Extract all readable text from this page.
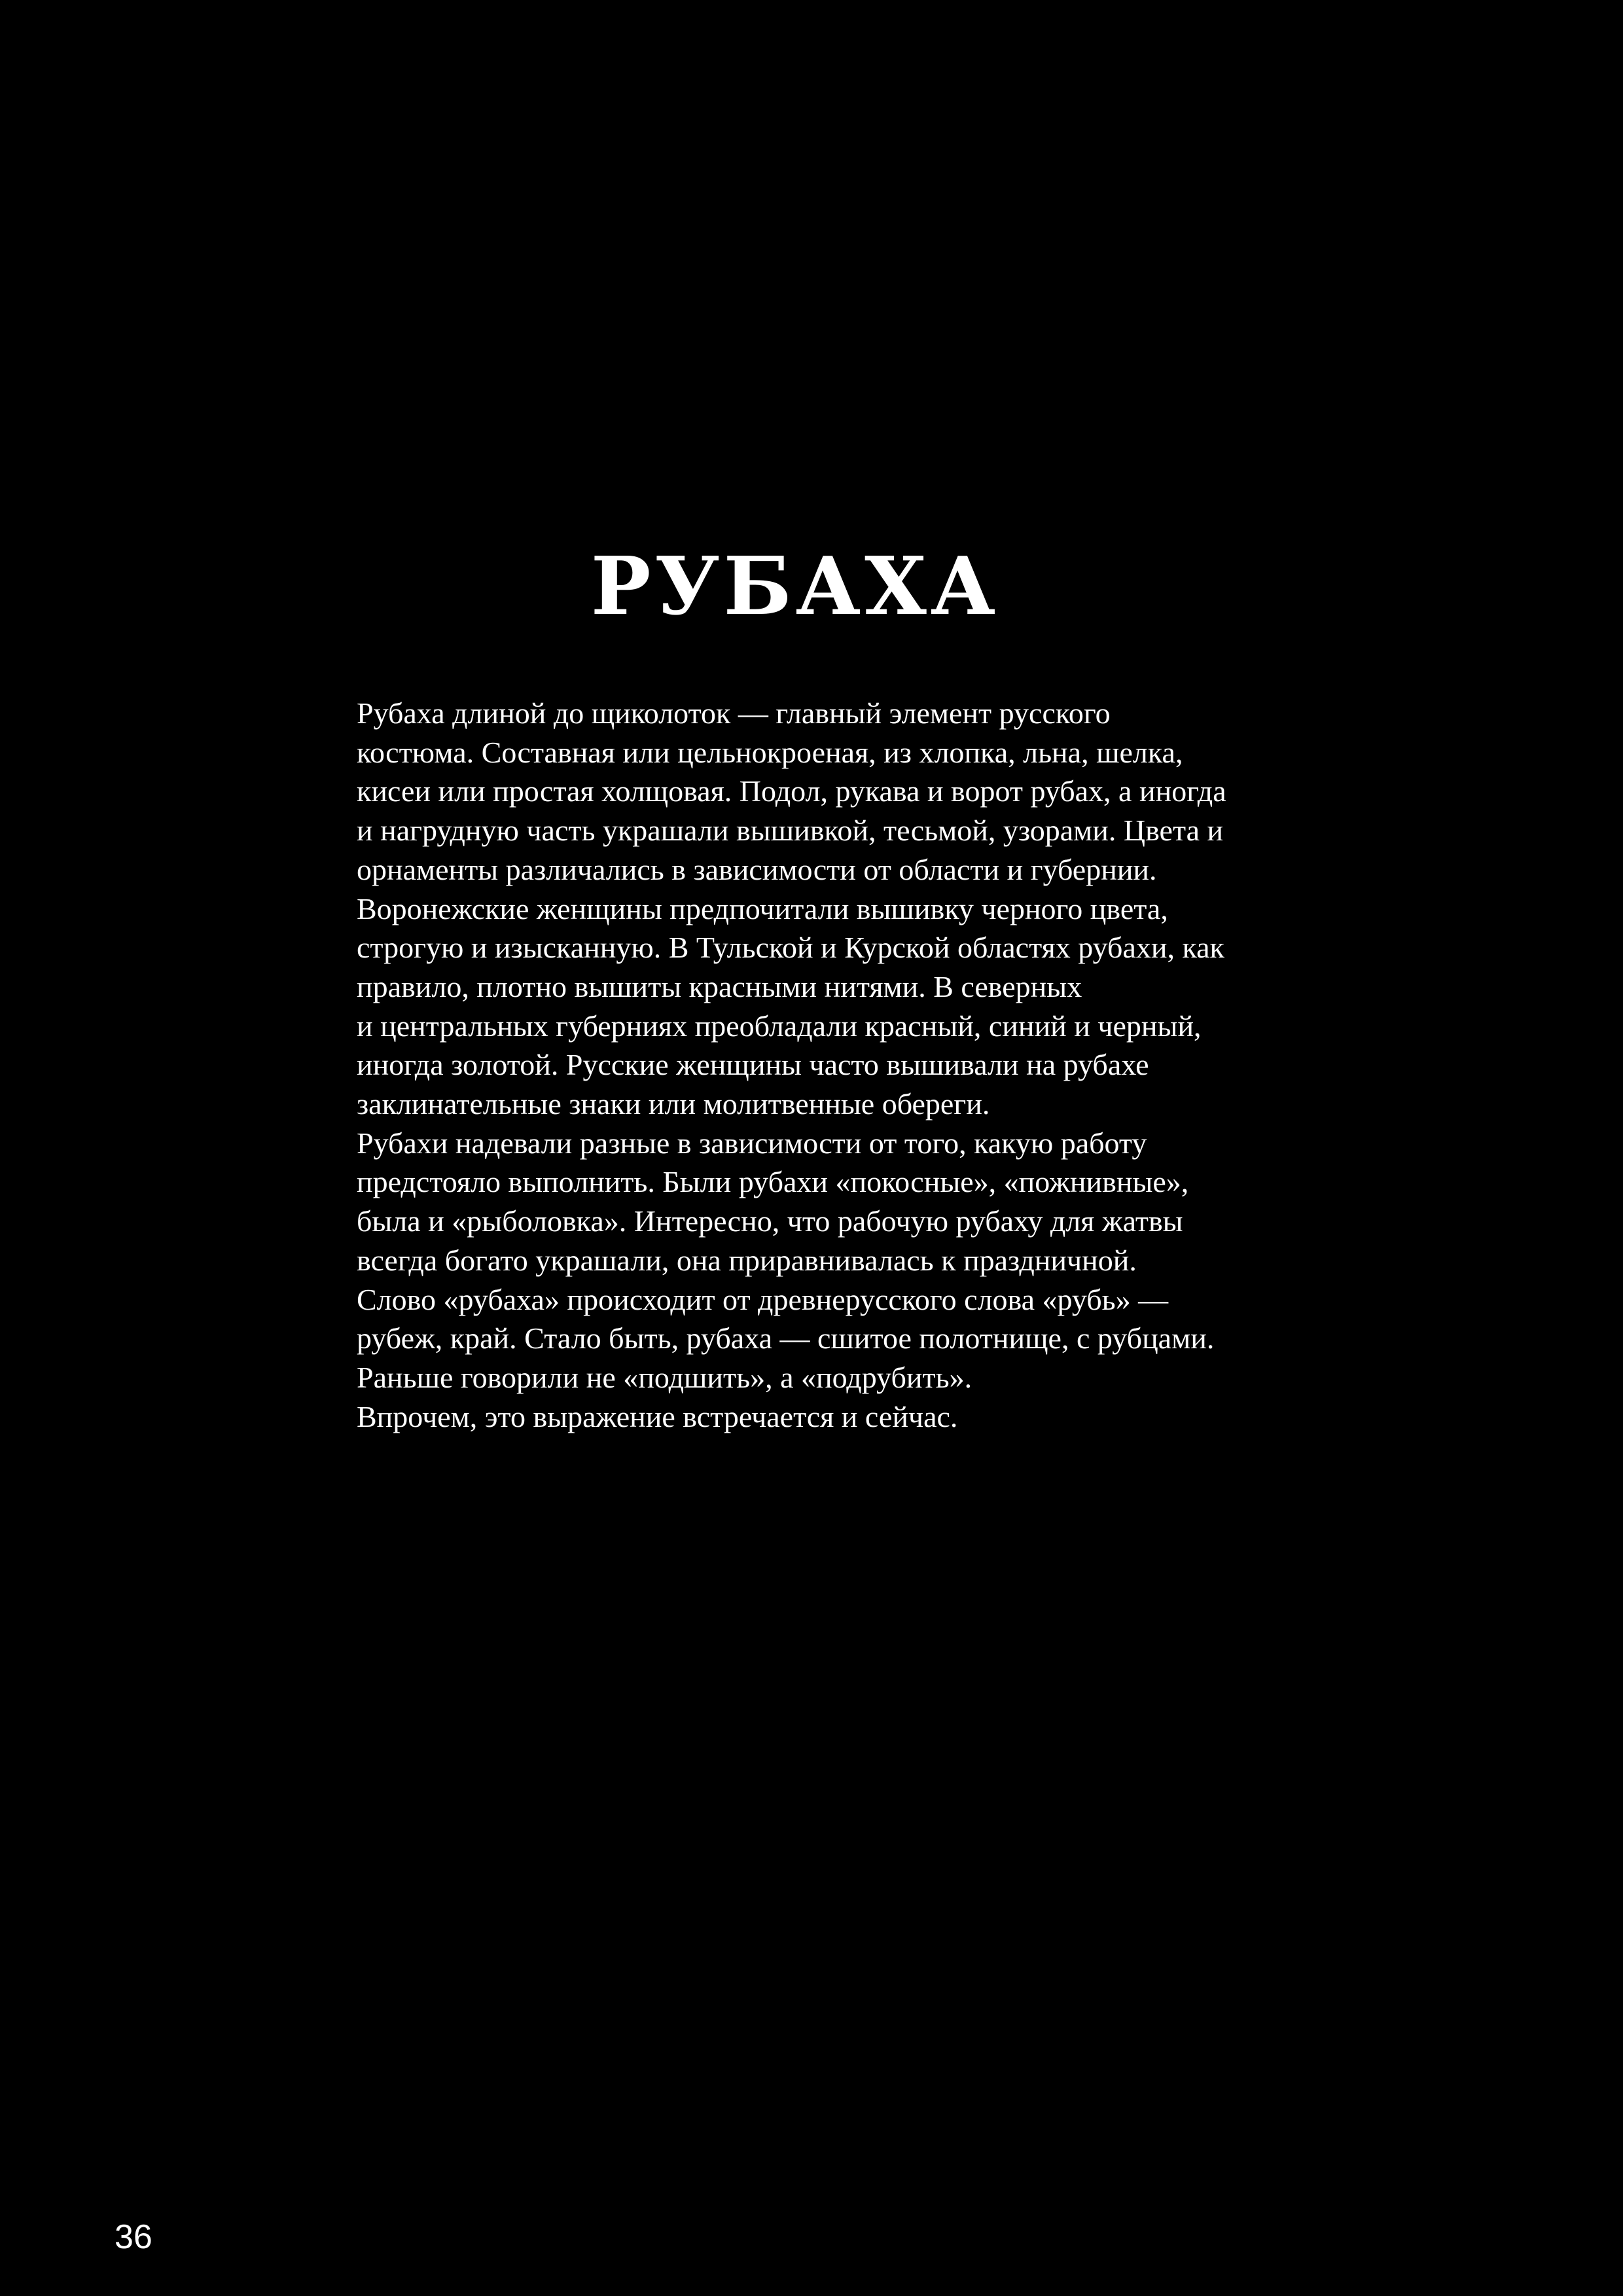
РУБАХА
Рубаха длиной до щиколоток — главный элемент русского
костюма. Составная или цельнокроеная, из хлопка, льна, шелка,
кисеи или простая холщовая. Подол, рукава и ворот рубах, а иногда
и нагрудную часть украшали вышивкой, тесьмой, узорами. Цвета и
орнаменты различались в зависимости от области и губернии.
Воронежские женщины предпочитали вышивку черного цвета,
строгую и изысканную. В Тульской и Курской областях рубахи, как
правило, плотно вышиты красными нитями. В северных
и центральных губерниях преобладали красный, синий и черный,
иногда золотой. Русские женщины часто вышивали на рубахе
заклинательные знаки или молитвенные обереги.
Рубахи надевали разные в зависимости от того, какую работу
предстояло выполнить. Были рубахи «покосные», «пожнивные»,
была и «рыболовка». Интересно, что рабочую рубаху для жатвы
всегда богато украшали, она приравнивалась к праздничной.
Слово «рубаха» происходит от древнерусского слова «рубь» —
рубеж, край. Стало быть, рубаха — сшитое полотнище, с рубцами.
Раньше говорили не «подшить», а «подрубить».
Впрочем, это выражение встречается и сейчас.
36
